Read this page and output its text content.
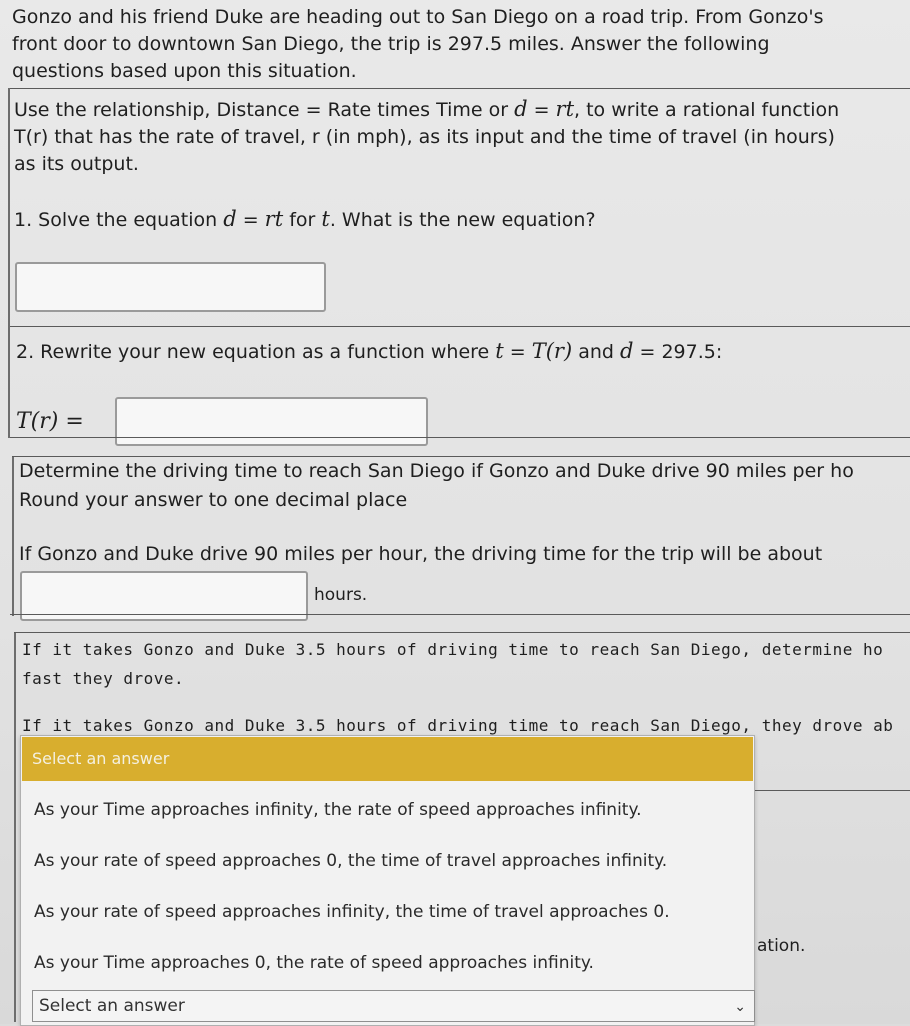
Gonzo and his friend Duke are heading out to San Diego on a road trip. From Gonzo's
front door to downtown San Diego, the trip is 297.5 miles. Answer the following
questions based upon this situation.
Use the relationship, Distance = Rate times Time or d = rt, to write a rational function
T(r) that has the rate of travel, r (in mph), as its input and the time of travel (in hours)
as its output.
1. Solve the equation d = rt for t. What is the new equation?
2. Rewrite your new equation as a function where t = T(r) and d = 297.5:
T(r) =
Determine the driving time to reach San Diego if Gonzo and Duke drive 90 miles per ho
Round your answer to one decimal place
If Gonzo and Duke drive 90 miles per hour, the driving time for the trip will be about
hours.
If it takes Gonzo and Duke 3.5 hours of driving time to reach San Diego, determine ho
fast they drove.
If it takes Gonzo and Duke 3.5 hours of driving time to reach San Diego, they drove ab
ation.
Select an answer
As your Time approaches infinity, the rate of speed approaches infinity.
As your rate of speed approaches 0, the time of travel approaches infinity.
As your rate of speed approaches infinity, the time of travel approaches 0.
As your Time approaches 0, the rate of speed approaches infinity.
Select an answer	⌄
